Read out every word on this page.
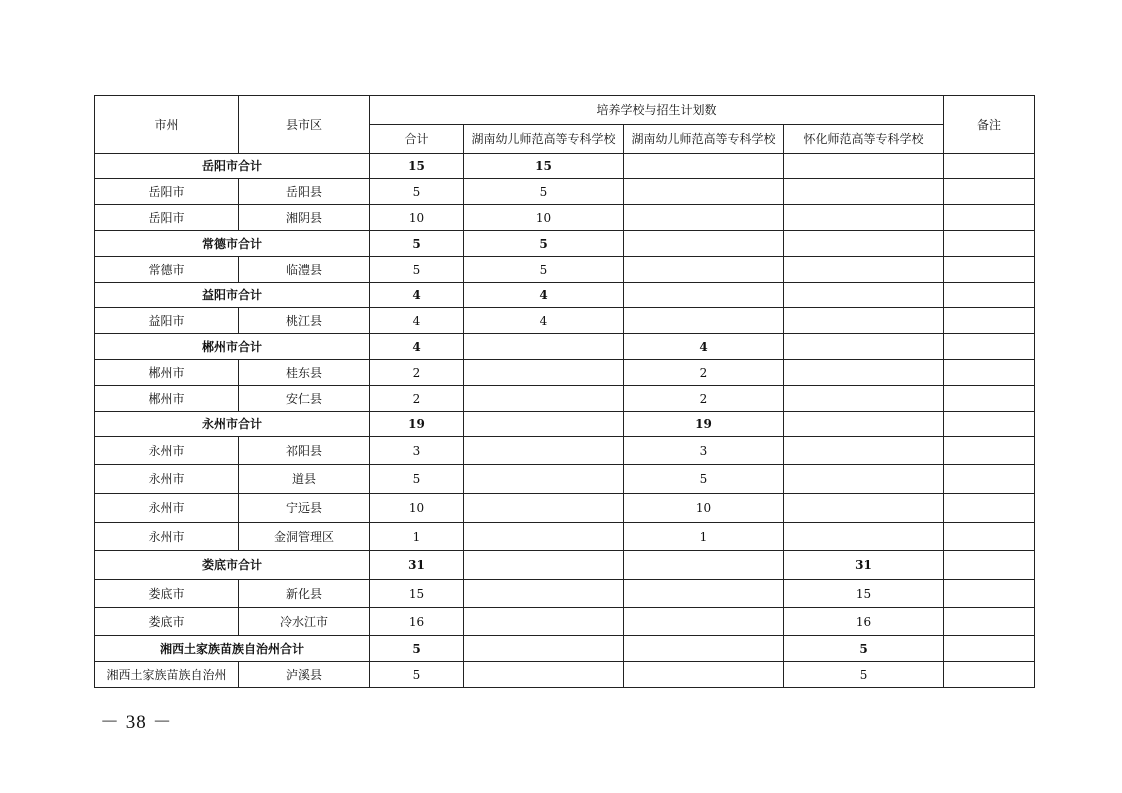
市州	县市区	培养学校与招生计划数				备注
		合计	湖南幼儿师范高等专科学校	湖南幼儿师范高等专科学校	怀化师范高等专科学校	
岳阳市合计		15	15			
岳阳市	岳阳县	5	5			
岳阳市	湘阴县	10	10			
常德市合计		5	5			
常德市	临澧县	5	5			
益阳市合计		4	4			
益阳市	桃江县	4	4			
郴州市合计		4		4		
郴州市	桂东县	2		2		
郴州市	安仁县	2		2		
永州市合计		19		19		
永州市	祁阳县	3		3		
永州市	道县	5		5		
永州市	宁远县	10		10		
永州市	金洞管理区	1		1		
娄底市合计		31			31	
娄底市	新化县	15			15	
娄底市	冷水江市	16			16	
湘西土家族苗族自治州合计		5			5	
湘西土家族苗族自治州	泸溪县	5			5	
－ 38 －
